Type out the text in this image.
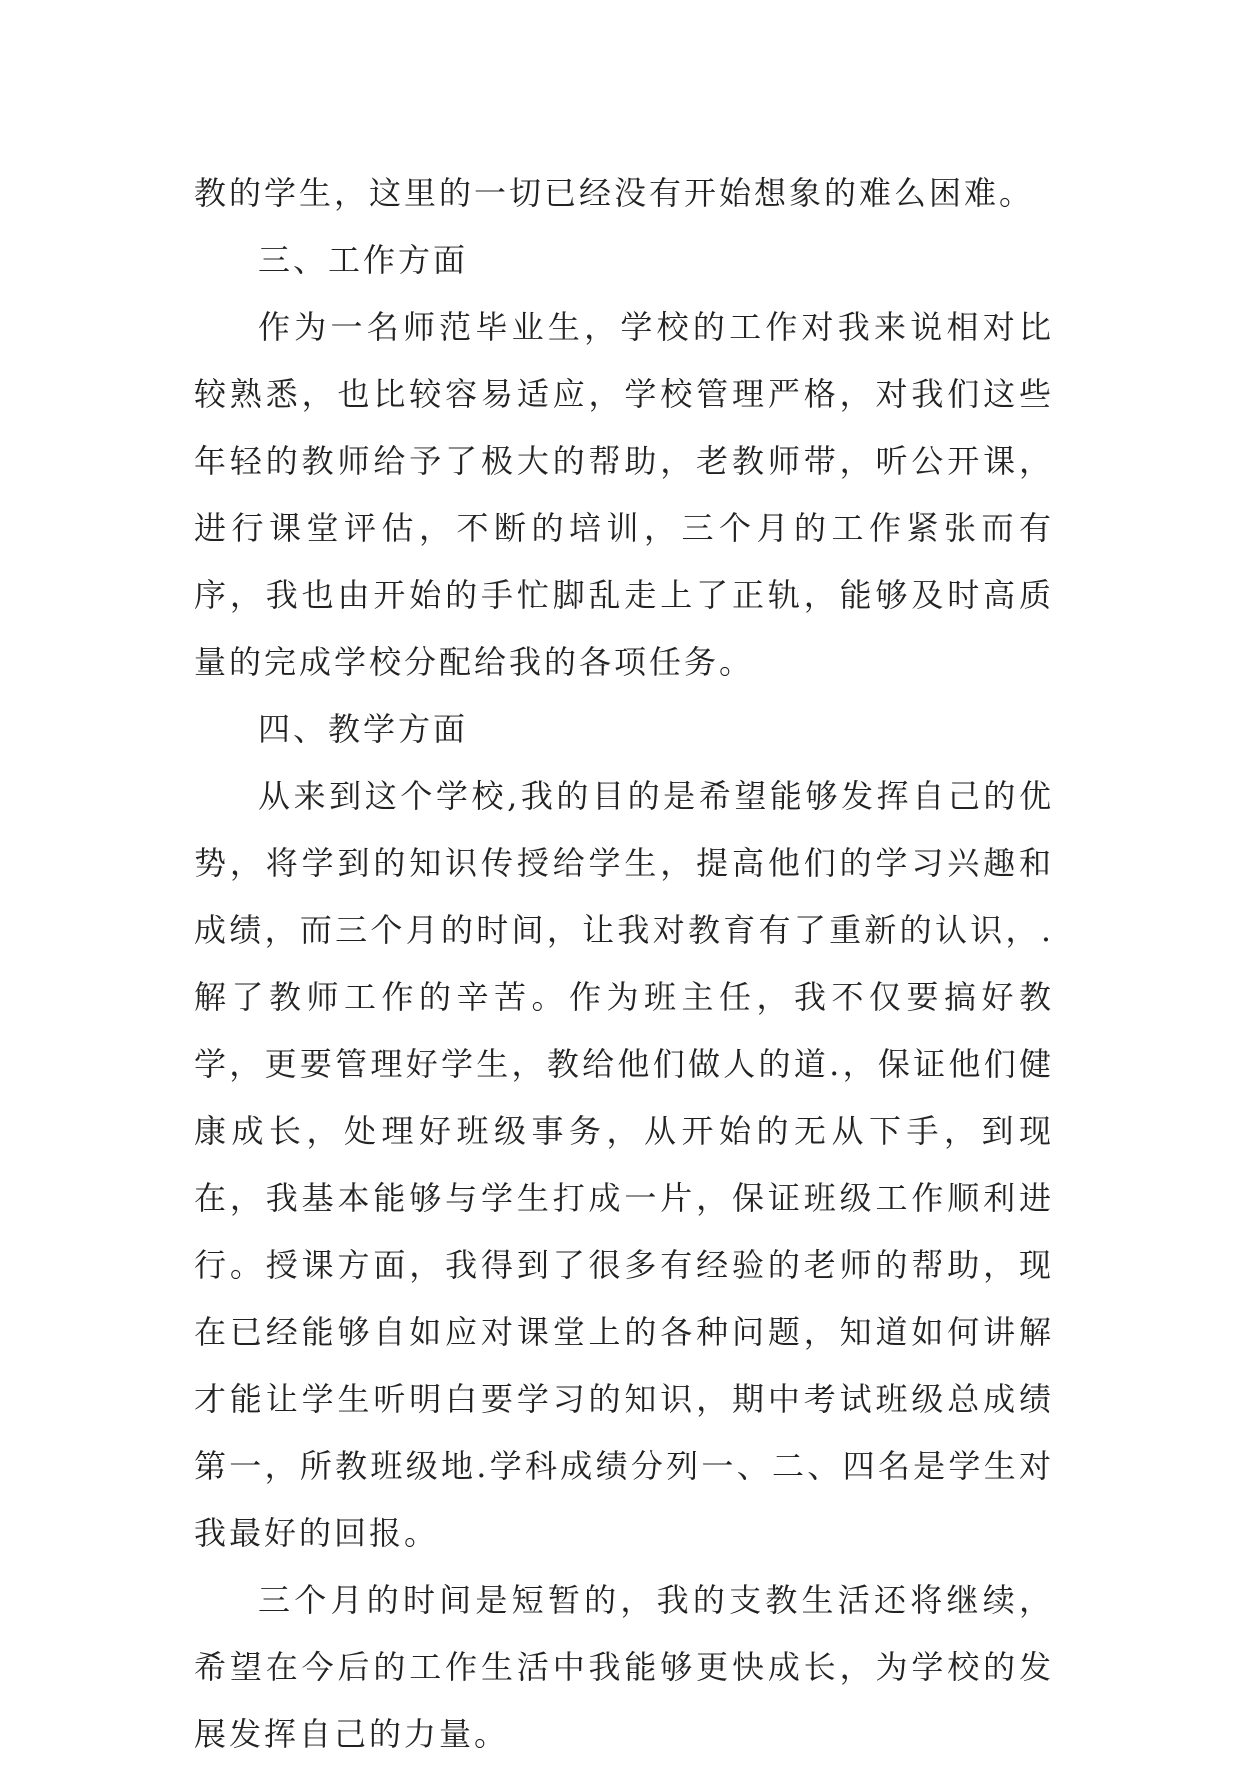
教的学生，这里的一切已经没有开始想象的难么困难。

三、工作方面

作为一名师范毕业生，学校的工作对我来说相对比较熟悉，也比较容易适应，学校管理严格，对我们这些年轻的教师给予了极大的帮助，老教师带，听公开课，进行课堂评估，不断的培训，三个月的工作紧张而有序，我也由开始的手忙脚乱走上了正轨，能够及时高质量的完成学校分配给我的各项任务。

四、教学方面

从来到这个学校,我的目的是希望能够发挥自己的优势，将学到的知识传授给学生，提高他们的学习兴趣和成绩，而三个月的时间，让我对教育有了重新的认识，.解了教师工作的辛苦。作为班主任，我不仅要搞好教学，更要管理好学生，教给他们做人的道.，保证他们健康成长，处理好班级事务，从开始的无从下手，到现在，我基本能够与学生打成一片，保证班级工作顺利进行。授课方面，我得到了很多有经验的老师的帮助，现在已经能够自如应对课堂上的各种问题，知道如何讲解才能让学生听明白要学习的知识，期中考试班级总成绩第一，所教班级地.学科成绩分列一、二、四名是学生对我最好的回报。

三个月的时间是短暂的，我的支教生活还将继续，希望在今后的工作生活中我能够更快成长，为学校的发展发挥自己的力量。
